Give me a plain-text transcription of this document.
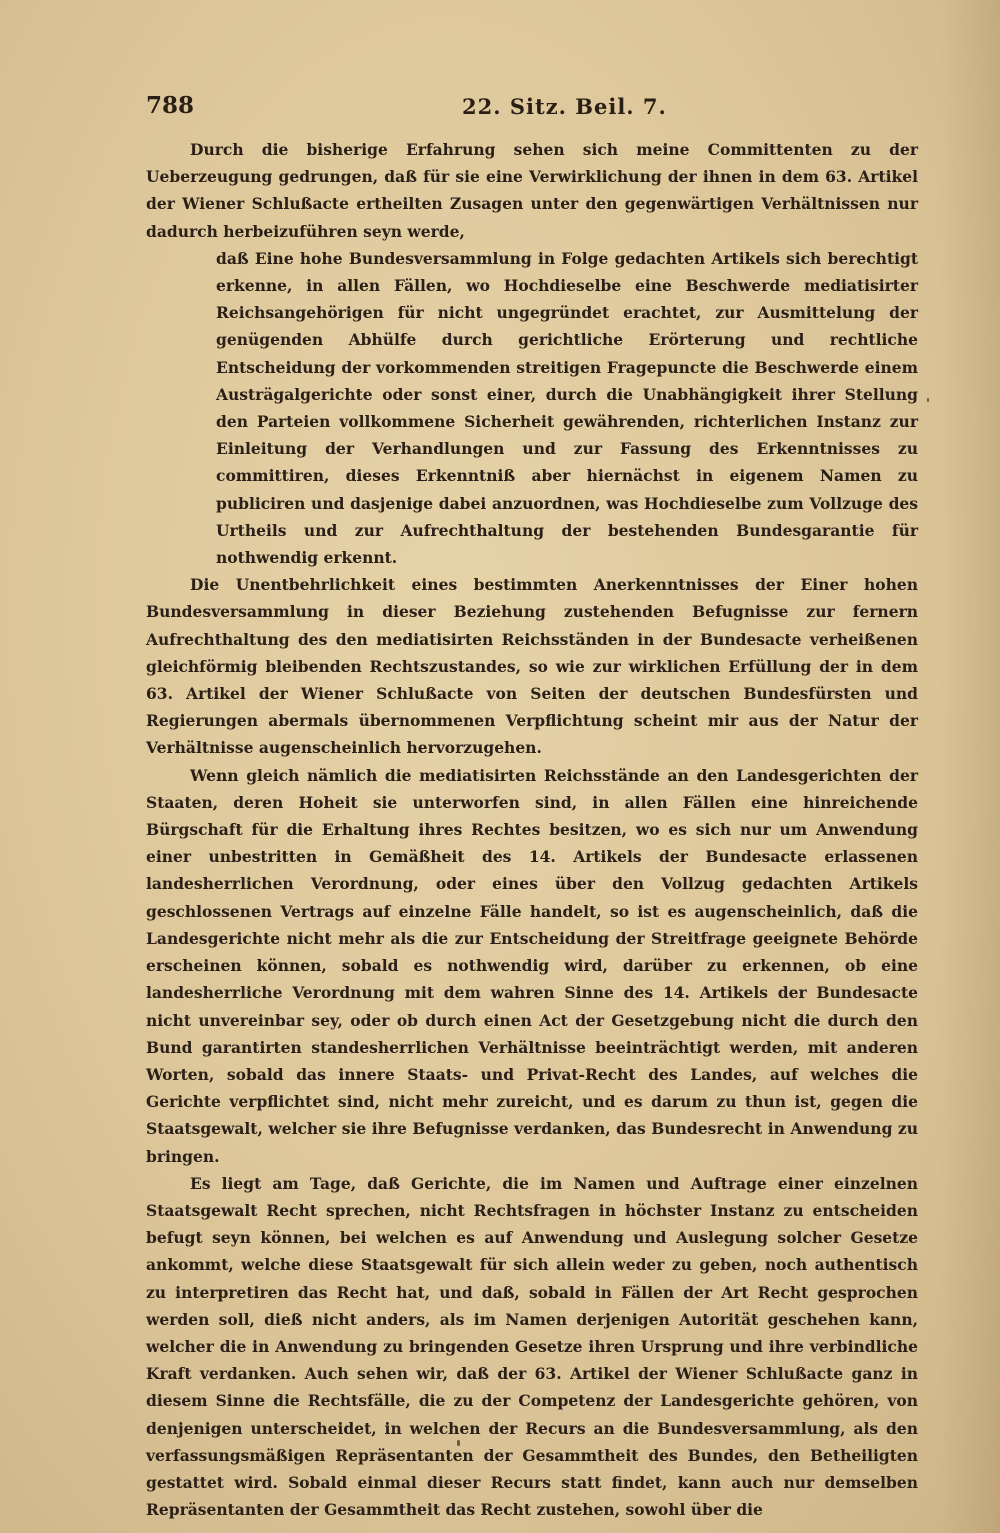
788	22. Sitz. Beil. 7.

Durch die bisherige Erfahrung sehen sich meine Committenten zu der Ueberzeugung gedrungen, daß für sie eine Verwirklichung der ihnen in dem 63. Artikel der Wiener Schlußacte ertheilten Zusagen unter den gegenwärtigen Verhältnissen nur dadurch herbeizuführen seyn werde,

daß Eine hohe Bundesversammlung in Folge gedachten Artikels sich berechtigt erkenne, in allen Fällen, wo Hochdieselbe eine Beschwerde mediatisirter Reichsangehörigen für nicht ungegründet erachtet, zur Ausmittelung der genügenden Abhülfe durch gerichtliche Erörterung und rechtliche Entscheidung der vorkommenden streitigen Fragepuncte die Beschwerde einem Austrägalgerichte oder sonst einer, durch die Unabhängigkeit ihrer Stellung den Parteien vollkommene Sicherheit gewährenden, richterlichen Instanz zur Einleitung der Verhandlungen und zur Fassung des Erkenntnisses zu committiren, dieses Erkenntniß aber hiernächst in eigenem Namen zu publiciren und dasjenige dabei anzuordnen, was Hochdieselbe zum Vollzuge des Urtheils und zur Aufrechthaltung der bestehenden Bundesgarantie für nothwendig erkennt.

Die Unentbehrlichkeit eines bestimmten Anerkenntnisses der Einer hohen Bundesversammlung in dieser Beziehung zustehenden Befugnisse zur fernern Aufrechthaltung des den mediatisirten Reichsständen in der Bundesacte verheißenen gleichförmig bleibenden Rechtszustandes, so wie zur wirklichen Erfüllung der in dem 63. Artikel der Wiener Schlußacte von Seiten der deutschen Bundesfürsten und Regierungen abermals übernommenen Verpflichtung scheint mir aus der Natur der Verhältnisse augenscheinlich hervorzugehen.

Wenn gleich nämlich die mediatisirten Reichsstände an den Landesgerichten der Staaten, deren Hoheit sie unterworfen sind, in allen Fällen eine hinreichende Bürgschaft für die Erhaltung ihres Rechtes besitzen, wo es sich nur um Anwendung einer unbestritten in Gemäßheit des 14. Artikels der Bundesacte erlassenen landesherrlichen Verordnung, oder eines über den Vollzug gedachten Artikels geschlossenen Vertrags auf einzelne Fälle handelt, so ist es augenscheinlich, daß die Landesgerichte nicht mehr als die zur Entscheidung der Streitfrage geeignete Behörde erscheinen können, sobald es nothwendig wird, darüber zu erkennen, ob eine landesherrliche Verordnung mit dem wahren Sinne des 14. Artikels der Bundesacte nicht unvereinbar sey, oder ob durch einen Act der Gesetzgebung nicht die durch den Bund garantirten standesherrlichen Verhältnisse beeinträchtigt werden, mit anderen Worten, sobald das innere Staats- und Privat-Recht des Landes, auf welches die Gerichte verpflichtet sind, nicht mehr zureicht, und es darum zu thun ist, gegen die Staatsgewalt, welcher sie ihre Befugnisse verdanken, das Bundesrecht in Anwendung zu bringen.

Es liegt am Tage, daß Gerichte, die im Namen und Auftrage einer einzelnen Staatsgewalt Recht sprechen, nicht Rechtsfragen in höchster Instanz zu entscheiden befugt seyn können, bei welchen es auf Anwendung und Auslegung solcher Gesetze ankommt, welche diese Staatsgewalt für sich allein weder zu geben, noch authentisch zu interpretiren das Recht hat, und daß, sobald in Fällen der Art Recht gesprochen werden soll, dieß nicht anders, als im Namen derjenigen Autorität geschehen kann, welcher die in Anwendung zu bringenden Gesetze ihren Ursprung und ihre verbindliche Kraft verdanken. Auch sehen wir, daß der 63. Artikel der Wiener Schlußacte ganz in diesem Sinne die Rechtsfälle, die zu der Competenz der Landesgerichte gehören, von denjenigen unterscheidet, in welchen der Recurs an die Bundesversammlung, als den verfassungsmäßigen Repräsentanten der Gesammtheit des Bundes, den Betheiligten gestattet wird. Sobald einmal dieser Recurs statt findet, kann auch nur demselben Repräsentanten der Gesammtheit das Recht zustehen, sowohl über die
